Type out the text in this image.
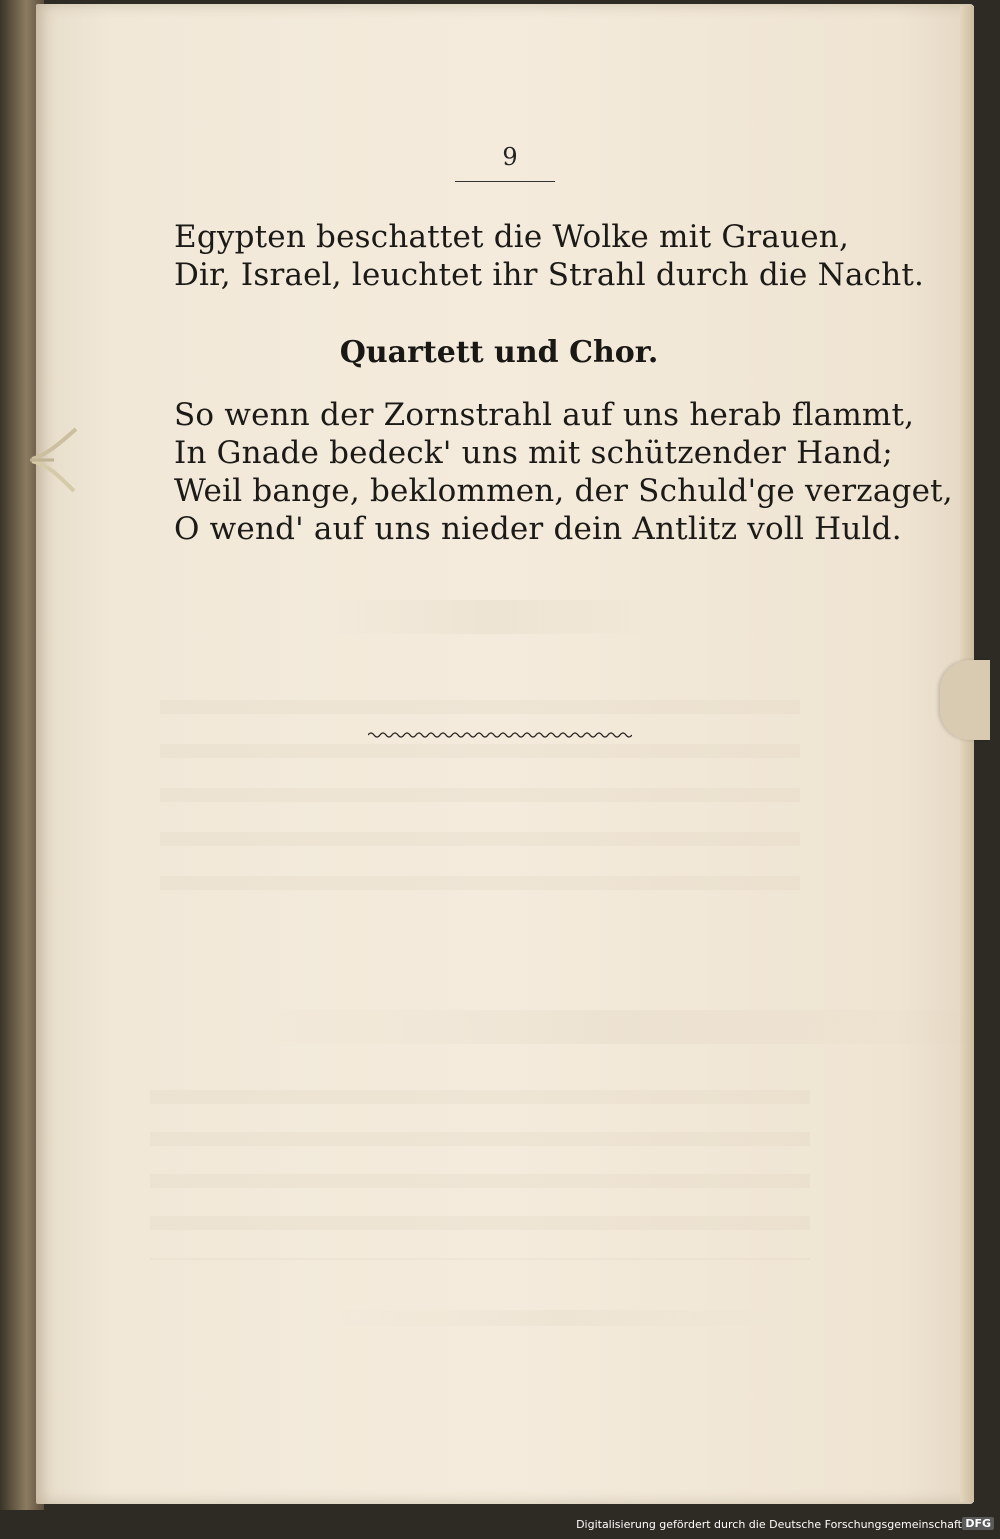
9
Egypten beschattet die Wolke mit Grauen,
Dir, Israel, leuchtet ihr Strahl durch die Nacht.
Quartett und Chor.
So wenn der Zornstrahl auf uns herab flammt,
In Gnade bedeck' uns mit schützender Hand;
Weil bange, beklommen, der Schuld'ge verzaget,
O wend' auf uns nieder dein Antlitz voll Huld.
Digitalisierung gefördert durch die Deutsche Forschungsgemeinschaft DFG
